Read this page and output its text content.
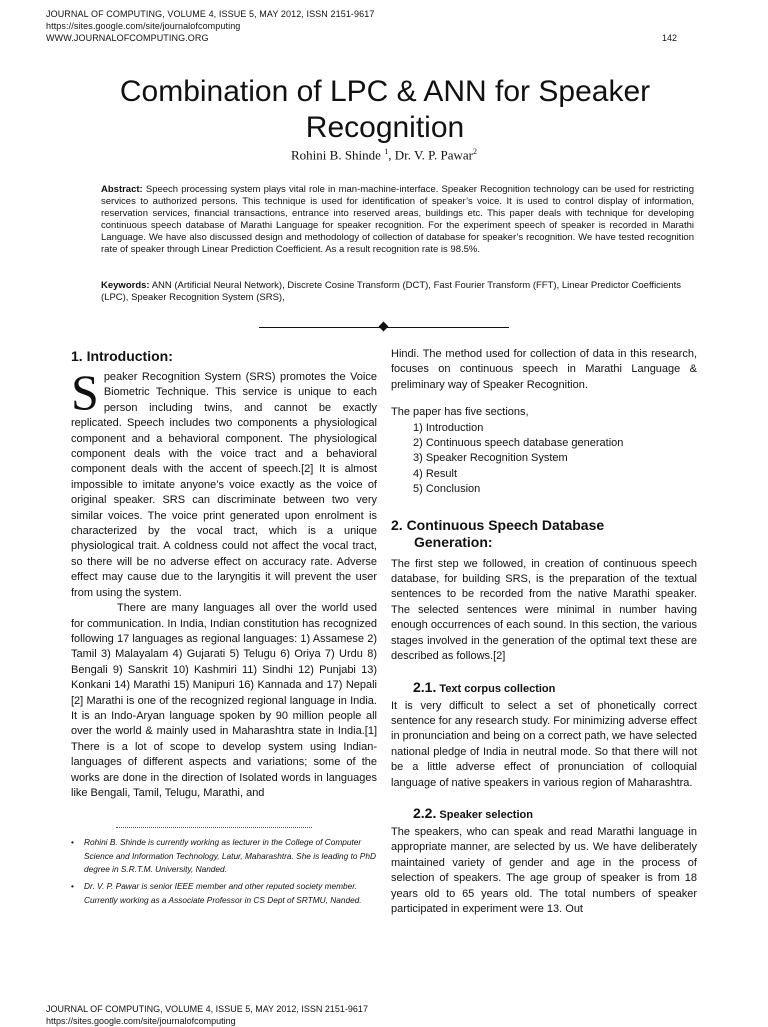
JOURNAL OF COMPUTING, VOLUME 4, ISSUE 5, MAY 2012, ISSN 2151-9617
https://sites.google.com/site/journalofcomputing
WWW.JOURNALOFCOMPUTING.ORG	142
Combination of LPC & ANN for Speaker Recognition
Rohini B. Shinde $^1$, Dr. V. P. Pawar$^2$
Abstract: Speech processing system plays vital role in man-machine-interface. Speaker Recognition technology can be used for restricting services to authorized persons. This technique is used for identification of speaker’s voice. It is used to control display of information, reservation services, financial transactions, entrance into reserved areas, buildings etc. This paper deals with technique for developing continuous speech database of Marathi Language for speaker recognition. For the experiment speech of speaker is recorded in Marathi Language. We have also discussed design and methodology of collection of database for speaker’s recognition. We have tested recognition rate of speaker through Linear Prediction Coefficient. As a result recognition rate is 98.5%.
Keywords: ANN (Artificial Neural Network), Discrete Cosine Transform (DCT), Fast Fourier Transform (FFT), Linear Predictor Coefficients (LPC), Speaker Recognition System (SRS),
1. Introduction:

Speaker Recognition System (SRS) promotes the Voice Biometric Technique. This service is unique to each person including twins, and cannot be exactly replicated. Speech includes two components a physiological component and a behavioral component. The physiological component deals with the voice tract and a behavioral component deals with the accent of speech.[2] It is almost impossible to imitate anyone’s voice exactly as the voice of original speaker. SRS can discriminate between two very similar voices. The voice print generated upon enrolment is characterized by the vocal tract, which is a unique physiological trait. A coldness could not affect the vocal tract, so there will be no adverse effect on accuracy rate. Adverse effect may cause due to the laryngitis it will prevent the user from using the system.

There are many languages all over the world used for communication. In India, Indian constitution has recognized following 17 languages as regional languages: 1) Assamese 2) Tamil 3) Malayalam 4) Gujarati 5) Telugu 6) Oriya 7) Urdu 8) Bengali 9) Sanskrit 10) Kashmiri 11) Sindhi 12) Punjabi 13) Konkani 14) Marathi 15) Manipuri 16) Kannada and 17) Nepali [2] Marathi is one of the recognized regional language in India. It is an Indo-Aryan language spoken by 90 million people all over the world & mainly used in Maharashtra state in India.[1] There is a lot of scope to develop system using Indian-languages of different aspects and variations; some of the works are done in the direction of Isolated words in languages like Bengali, Tamil, Telugu, Marathi, and

• Rohini B. Shinde is currently working as lecturer in the College of Computer Science and Information Technology, Latur, Maharashtra. She is leading to PhD degree in S.R.T.M. University, Nanded.
• Dr. V. P. Pawar is senior IEEE member and other reputed society member. Currently working as a Associate Professor in CS Dept of SRTMU, Nanded.

Hindi. The method used for collection of data in this research, focuses on continuous speech in Marathi Language & preliminary way of Speaker Recognition.

The paper has five sections,

1) Introduction
2) Continuous speech database generation
3) Speaker Recognition System
4) Result
5) Conclusion
2. Continuous Speech Database
Generation:

The first step we followed, in creation of continuous speech database, for building SRS, is the preparation of the textual sentences to be recorded from the native Marathi speaker. The selected sentences were minimal in number having enough occurrences of each sound. In this section, the various stages involved in the generation of the optimal text these are described as follows.[2]

2.1. Text corpus collection

It is very difficult to select a set of phonetically correct sentence for any research study. For minimizing adverse effect in pronunciation and being on a correct path, we have selected national pledge of India in neutral mode. So that there will not be a little adverse effect of pronunciation of colloquial language of native speakers in various region of Maharashtra.

2.2. Speaker selection

The speakers, who can speak and read Marathi language in appropriate manner, are selected by us. We have deliberately maintained variety of gender and age in the process of selection of speakers. The age group of speaker is from 18 years old to 65 years old. The total numbers of speaker participated in experiment were 13. Out

JOURNAL OF COMPUTING, VOLUME 4, ISSUE 5, MAY 2012, ISSN 2151-9617
https://sites.google.com/site/journalofcomputing
